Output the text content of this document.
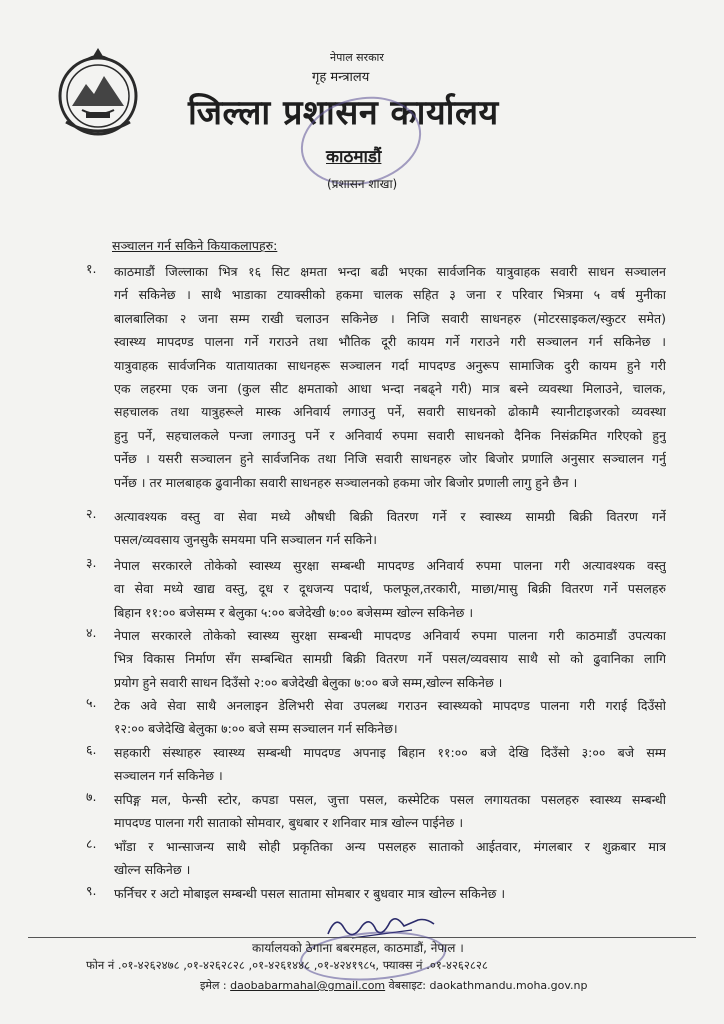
नेपाल सरकार
गृह मन्त्रालय
जिल्ला प्रशासन कार्यालय
काठमाडौं
(प्रशासन शाखा)
सञ्चालन गर्न सकिने कियाकलापहरु:
१. काठमाडौं जिल्लाका भित्र १६ सिट क्षमता भन्दा बढी भएका सार्वजनिक यात्रुवाहक सवारी साधन सञ्चालन
गर्न सकिनेछ । साथै भाडाका टयाक्सीको हकमा चालक सहित ३ जना र परिवार भित्रमा ५ वर्ष मुनीका
बालबालिका २ जना सम्म राखी चलाउन सकिनेछ । निजि सवारी साधनहरु (मोटरसाइकल/स्कुटर समेत)
स्वास्थ्य मापदण्ड पालना गर्ने गराउने तथा भौतिक दूरी कायम गर्ने गराउने गरी सञ्चालन गर्न सकिनेछ ।
यात्रुवाहक सार्वजनिक यातायातका साधनहरू सञ्चालन गर्दा मापदण्ड अनुरूप सामाजिक दुरी कायम हुने गरी
एक लहरमा एक जना (कुल सीट क्षमताको आधा भन्दा नबढ्ने गरी) मात्र बस्ने व्यवस्था मिलाउने, चालक,
सहचालक तथा यात्रुहरूले मास्क अनिवार्य लगाउनु पर्ने, सवारी साधनको ढोकामै स्यानीटाइजरको व्यवस्था
हुनु पर्ने, सहचालकले पन्जा लगाउनु पर्ने र अनिवार्य रुपमा सवारी साधनको दैनिक निसंक्रमित गरिएको हुनु
पर्नेछ । यसरी सञ्चालन हुने सार्वजनिक तथा निजि सवारी साधनहरु जोर बिजोर प्रणालि अनुसार सञ्चालन गर्नु
पर्नेछ । तर मालबाहक ढुवानीका सवारी साधनहरु सञ्चालनको हकमा जोर बिजोर प्रणाली लागु हुने छैन ।
२. अत्यावश्यक वस्तु वा सेवा मध्ये औषधी बिक्री वितरण गर्ने र स्वास्थ्य सामग्री बिक्री वितरण गर्ने
पसल/व्यवसाय जुनसुकै समयमा पनि सञ्चालन गर्न सकिने।
३. नेपाल सरकारले तोकेको स्वास्थ्य सुरक्षा सम्बन्धी मापदण्ड अनिवार्य रुपमा पालना गरी अत्यावश्यक वस्तु
वा सेवा मध्ये खाद्य वस्तु, दूध र दूधजन्य पदार्थ, फलफूल,तरकारी, माछा/मासु बिक्री वितरण गर्ने पसलहरु
बिहान ११:०० बजेसम्म र बेलुका ५:०० बजेदेखी ७:०० बजेसम्म खोल्न सकिनेछ ।
४. नेपाल सरकारले तोकेको स्वास्थ्य सुरक्षा सम्बन्धी मापदण्ड अनिवार्य रुपमा पालना गरी काठमाडौं उपत्यका
भित्र विकास निर्माण सँग सम्बन्धित सामग्री बिक्री वितरण गर्ने पसल/व्यवसाय साथै सो को ढुवानिका लागि
प्रयोग हुने सवारी साधन दिउँसो २:०० बजेदेखी बेलुका ७:०० बजे सम्म,खोल्न सकिनेछ ।
५. टेक अवे सेवा साथै अनलाइन डेलिभरी सेवा उपलब्ध गराउन स्वास्थ्यको मापदण्ड पालना गरी गराई दिउँसो
१२:०० बजेदेखि बेलुका ७:०० बजे सम्म सञ्चालन गर्न सकिनेछ।
६. सहकारी संस्थाहरु स्वास्थ्य सम्बन्धी मापदण्ड अपनाइ बिहान ११:०० बजे देखि दिउँसो ३:०० बजे सम्म
सञ्चालन गर्न सकिनेछ ।
७. सपिङ्ग मल, फेन्सी स्टोर, कपडा पसल, जुत्ता पसल, कस्मेटिक पसल लगायतका पसलहरु स्वास्थ्य सम्बन्धी
मापदण्ड पालना गरी साताको सोमवार, बुधबार र शनिवार मात्र खोल्न पाईनेछ ।
८. भाँडा र भान्साजन्य साथै सोही प्रकृतिका अन्य पसलहरु साताको आईतवार, मंगलबार र शुक्रबार मात्र
खोल्न सकिनेछ ।
९. फर्निचर र अटो मोबाइल सम्बन्धी पसल सातामा सोमबार र बुधवार मात्र खोल्न सकिनेछ ।
कार्यालयको ठेगाना बबरमहल, काठमाडौं, नेपाल ।
फोन नं .०१-४२६२४७८ ,०१-४२६२८२८ ,०१-४२६१४४८ ,०१-४२४१९८५, फ्याक्स नं .०१-४२६२८२८
इमेल : daobabarmahal@gmail.com वेबसाइट: daokathmandu.moha.gov.np
